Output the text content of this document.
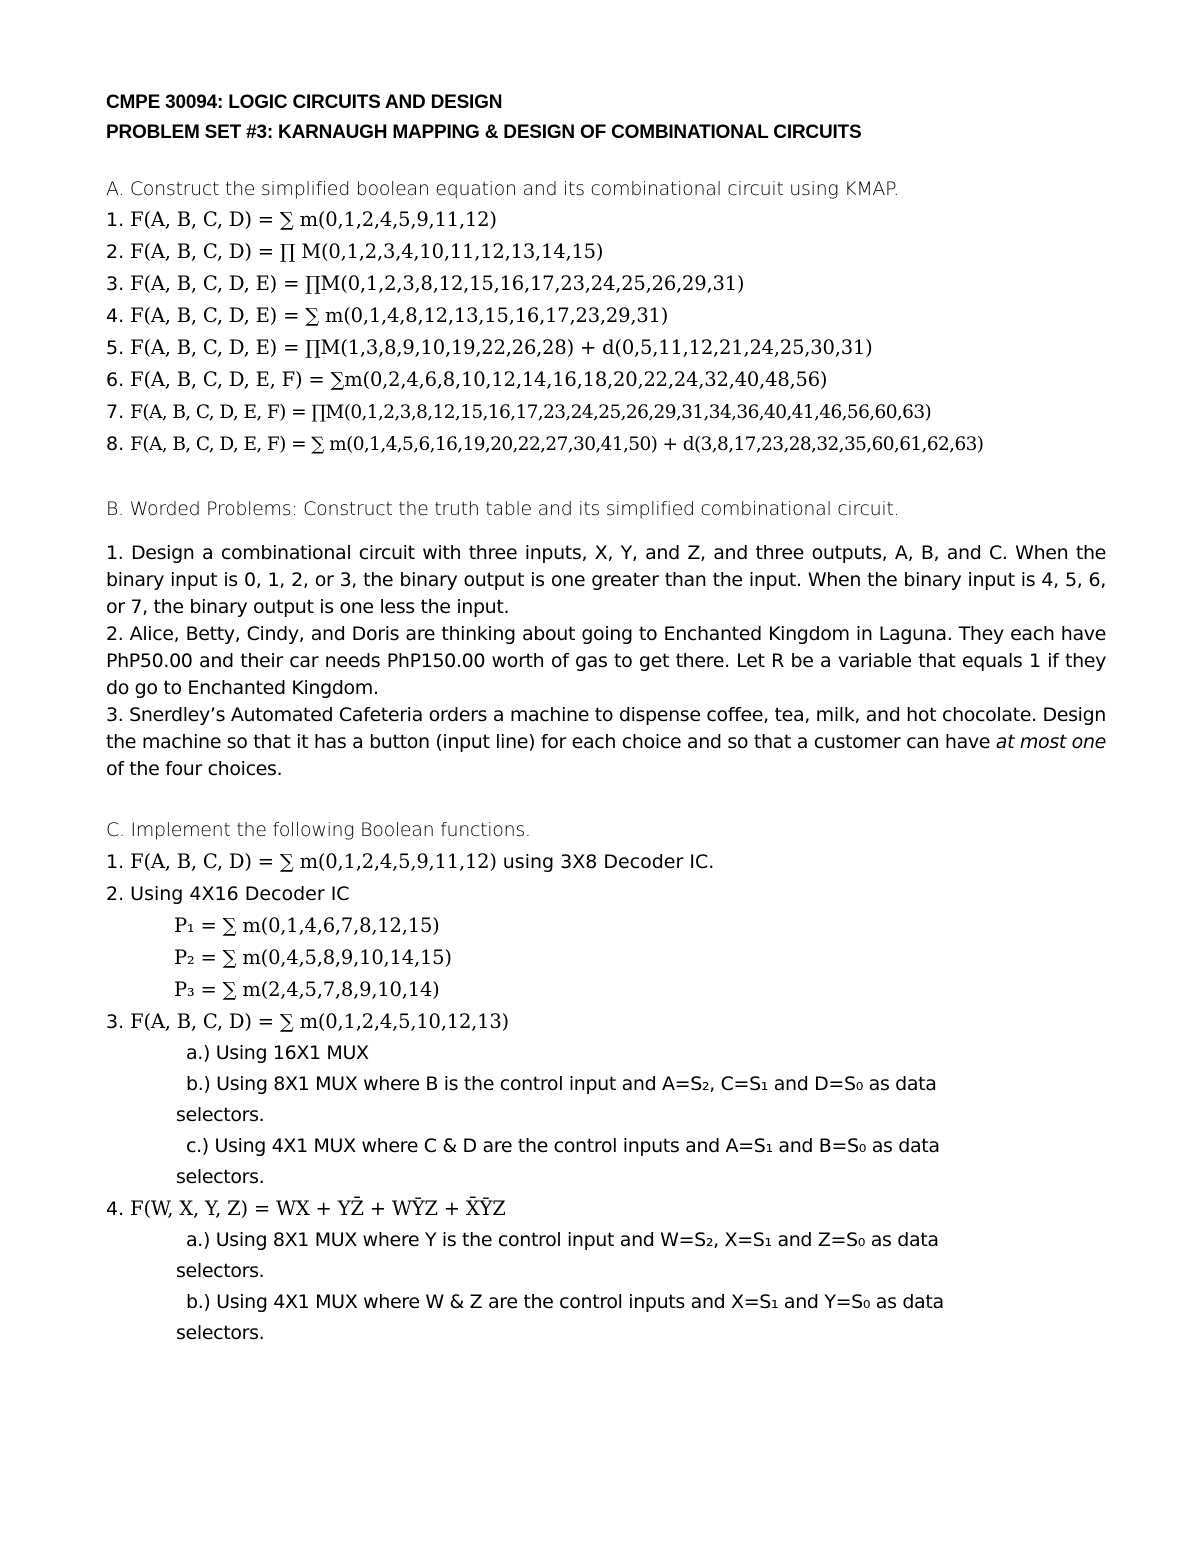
CMPE 30094: LOGIC CIRCUITS AND DESIGN
PROBLEM SET #3: KARNAUGH MAPPING & DESIGN OF COMBINATIONAL CIRCUITS
A. Construct the simplified boolean equation and its combinational circuit using KMAP.
1. F(A, B, C, D) = ∑ m(0,1,2,4,5,9,11,12)
2. F(A, B, C, D) = ∏ M(0,1,2,3,4,10,11,12,13,14,15)
3. F(A, B, C, D, E) = ∏M(0,1,2,3,8,12,15,16,17,23,24,25,26,29,31)
4. F(A, B, C, D, E) = ∑ m(0,1,4,8,12,13,15,16,17,23,29,31)
5. F(A, B, C, D, E) = ∏M(1,3,8,9,10,19,22,26,28) + d(0,5,11,12,21,24,25,30,31)
6. F(A, B, C, D, E, F) = ∑m(0,2,4,6,8,10,12,14,16,18,20,22,24,32,40,48,56)
7. F(A, B, C, D, E, F) = ∏M(0,1,2,3,8,12,15,16,17,23,24,25,26,29,31,34,36,40,41,46,56,60,63)
8. F(A, B, C, D, E, F) = ∑ m(0,1,4,5,6,16,19,20,22,27,30,41,50) + d(3,8,17,23,28,32,35,60,61,62,63)
B. Worded Problems: Construct the truth table and its simplified combinational circuit.

1. Design a combinational circuit with three inputs, X, Y, and Z, and three outputs, A, B, and C. When the binary input is 0, 1, 2, or 3, the binary output is one greater than the input. When the binary input is 4, 5, 6, or 7, the binary output is one less the input.

2. Alice, Betty, Cindy, and Doris are thinking about going to Enchanted Kingdom in Laguna. They each have PhP50.00 and their car needs PhP150.00 worth of gas to get there. Let R be a variable that equals 1 if they do go to Enchanted Kingdom.

3. Snerdley’s Automated Cafeteria orders a machine to dispense coffee, tea, milk, and hot chocolate. Design the machine so that it has a button (input line) for each choice and so that a customer can have at most one of the four choices.

C. Implement the following Boolean functions.
1. F(A, B, C, D) = ∑ m(0,1,2,4,5,9,11,12) using 3X8 Decoder IC.
2. Using 4X16 Decoder IC
P₁ = ∑ m(0,1,4,6,7,8,12,15)
P₂ = ∑ m(0,4,5,8,9,10,14,15)
P₃ = ∑ m(2,4,5,7,8,9,10,14)
3. F(A, B, C, D) = ∑ m(0,1,2,4,5,10,12,13)
a.) Using 16X1 MUX
b.) Using 8X1 MUX where B is the control input and A=S₂, C=S₁ and D=S₀ as data
selectors.
c.) Using 4X1 MUX where C & D are the control inputs and A=S₁ and B=S₀ as data
selectors.
4. F(W, X, Y, Z) = WX + YZ̄ + WȲZ + X̄ȲZ
a.) Using 8X1 MUX where Y is the control input and W=S₂, X=S₁ and Z=S₀ as data
selectors.
b.) Using 4X1 MUX where W & Z are the control inputs and X=S₁ and Y=S₀ as data
selectors.
